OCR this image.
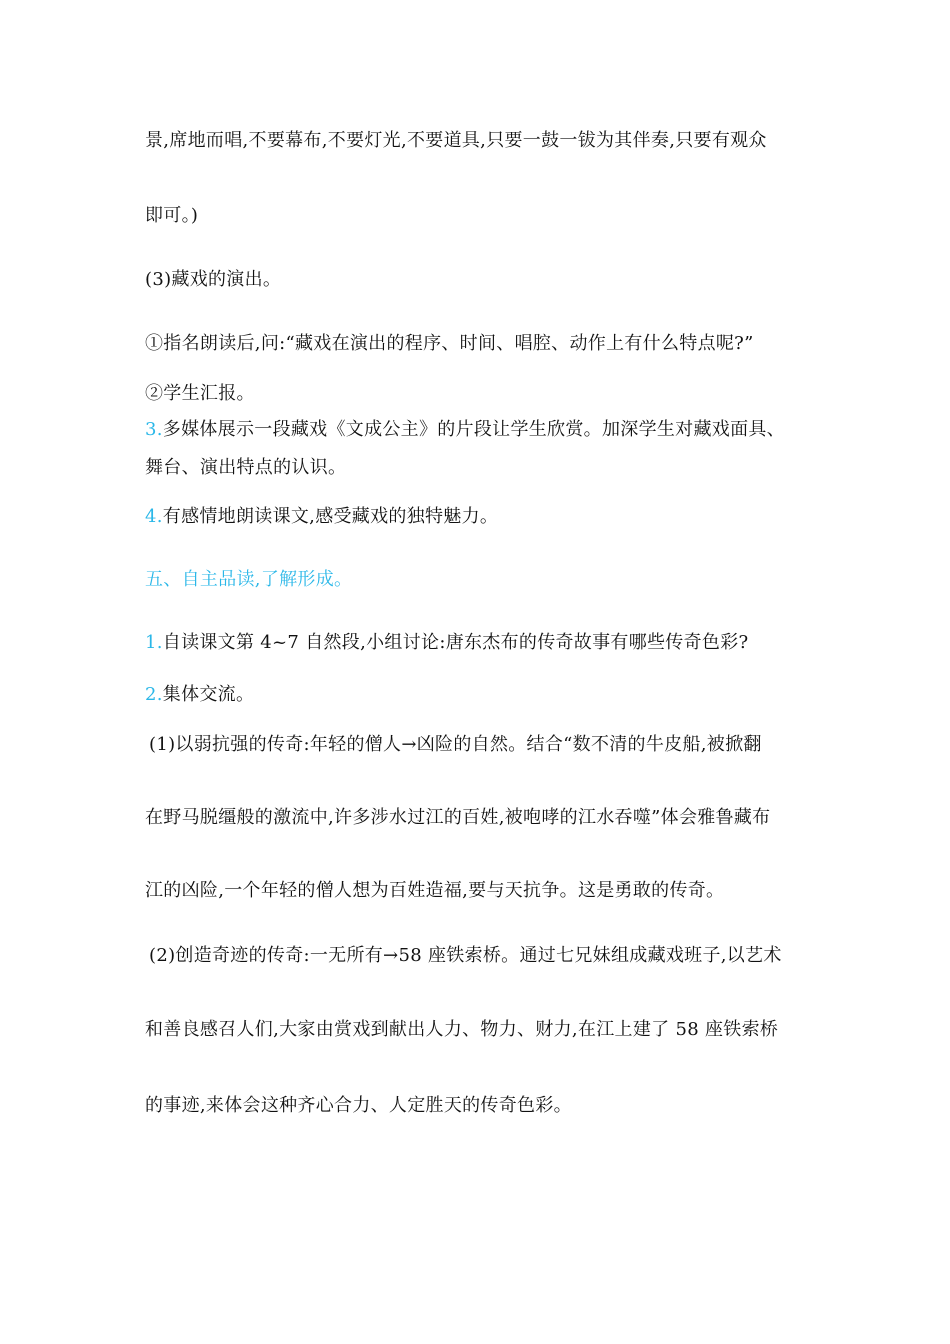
景,席地而唱,不要幕布,不要灯光,不要道具,只要一鼓一钹为其伴奏,只要有观众
即可。)
(3)藏戏的演出。
①指名朗读后,问:“藏戏在演出的程序、时间、唱腔、动作上有什么特点呢?”
②学生汇报。
3.多媒体展示一段藏戏《文成公主》的片段让学生欣赏。加深学生对藏戏面具、
舞台、演出特点的认识。
4.有感情地朗读课文,感受藏戏的独特魅力。
五、自主品读,了解形成。
1.自读课文第 4~7 自然段,小组讨论:唐东杰布的传奇故事有哪些传奇色彩?
2.集体交流。
(1)以弱抗强的传奇:年轻的僧人→凶险的自然。结合“数不清的牛皮船,被掀翻
在野马脱缰般的激流中,许多涉水过江的百姓,被咆哮的江水吞噬”体会雅鲁藏布
江的凶险,一个年轻的僧人想为百姓造福,要与天抗争。这是勇敢的传奇。
(2)创造奇迹的传奇:一无所有→58 座铁索桥。通过七兄妹组成藏戏班子,以艺术
和善良感召人们,大家由赏戏到献出人力、物力、财力,在江上建了 58 座铁索桥
的事迹,来体会这种齐心合力、人定胜天的传奇色彩。
